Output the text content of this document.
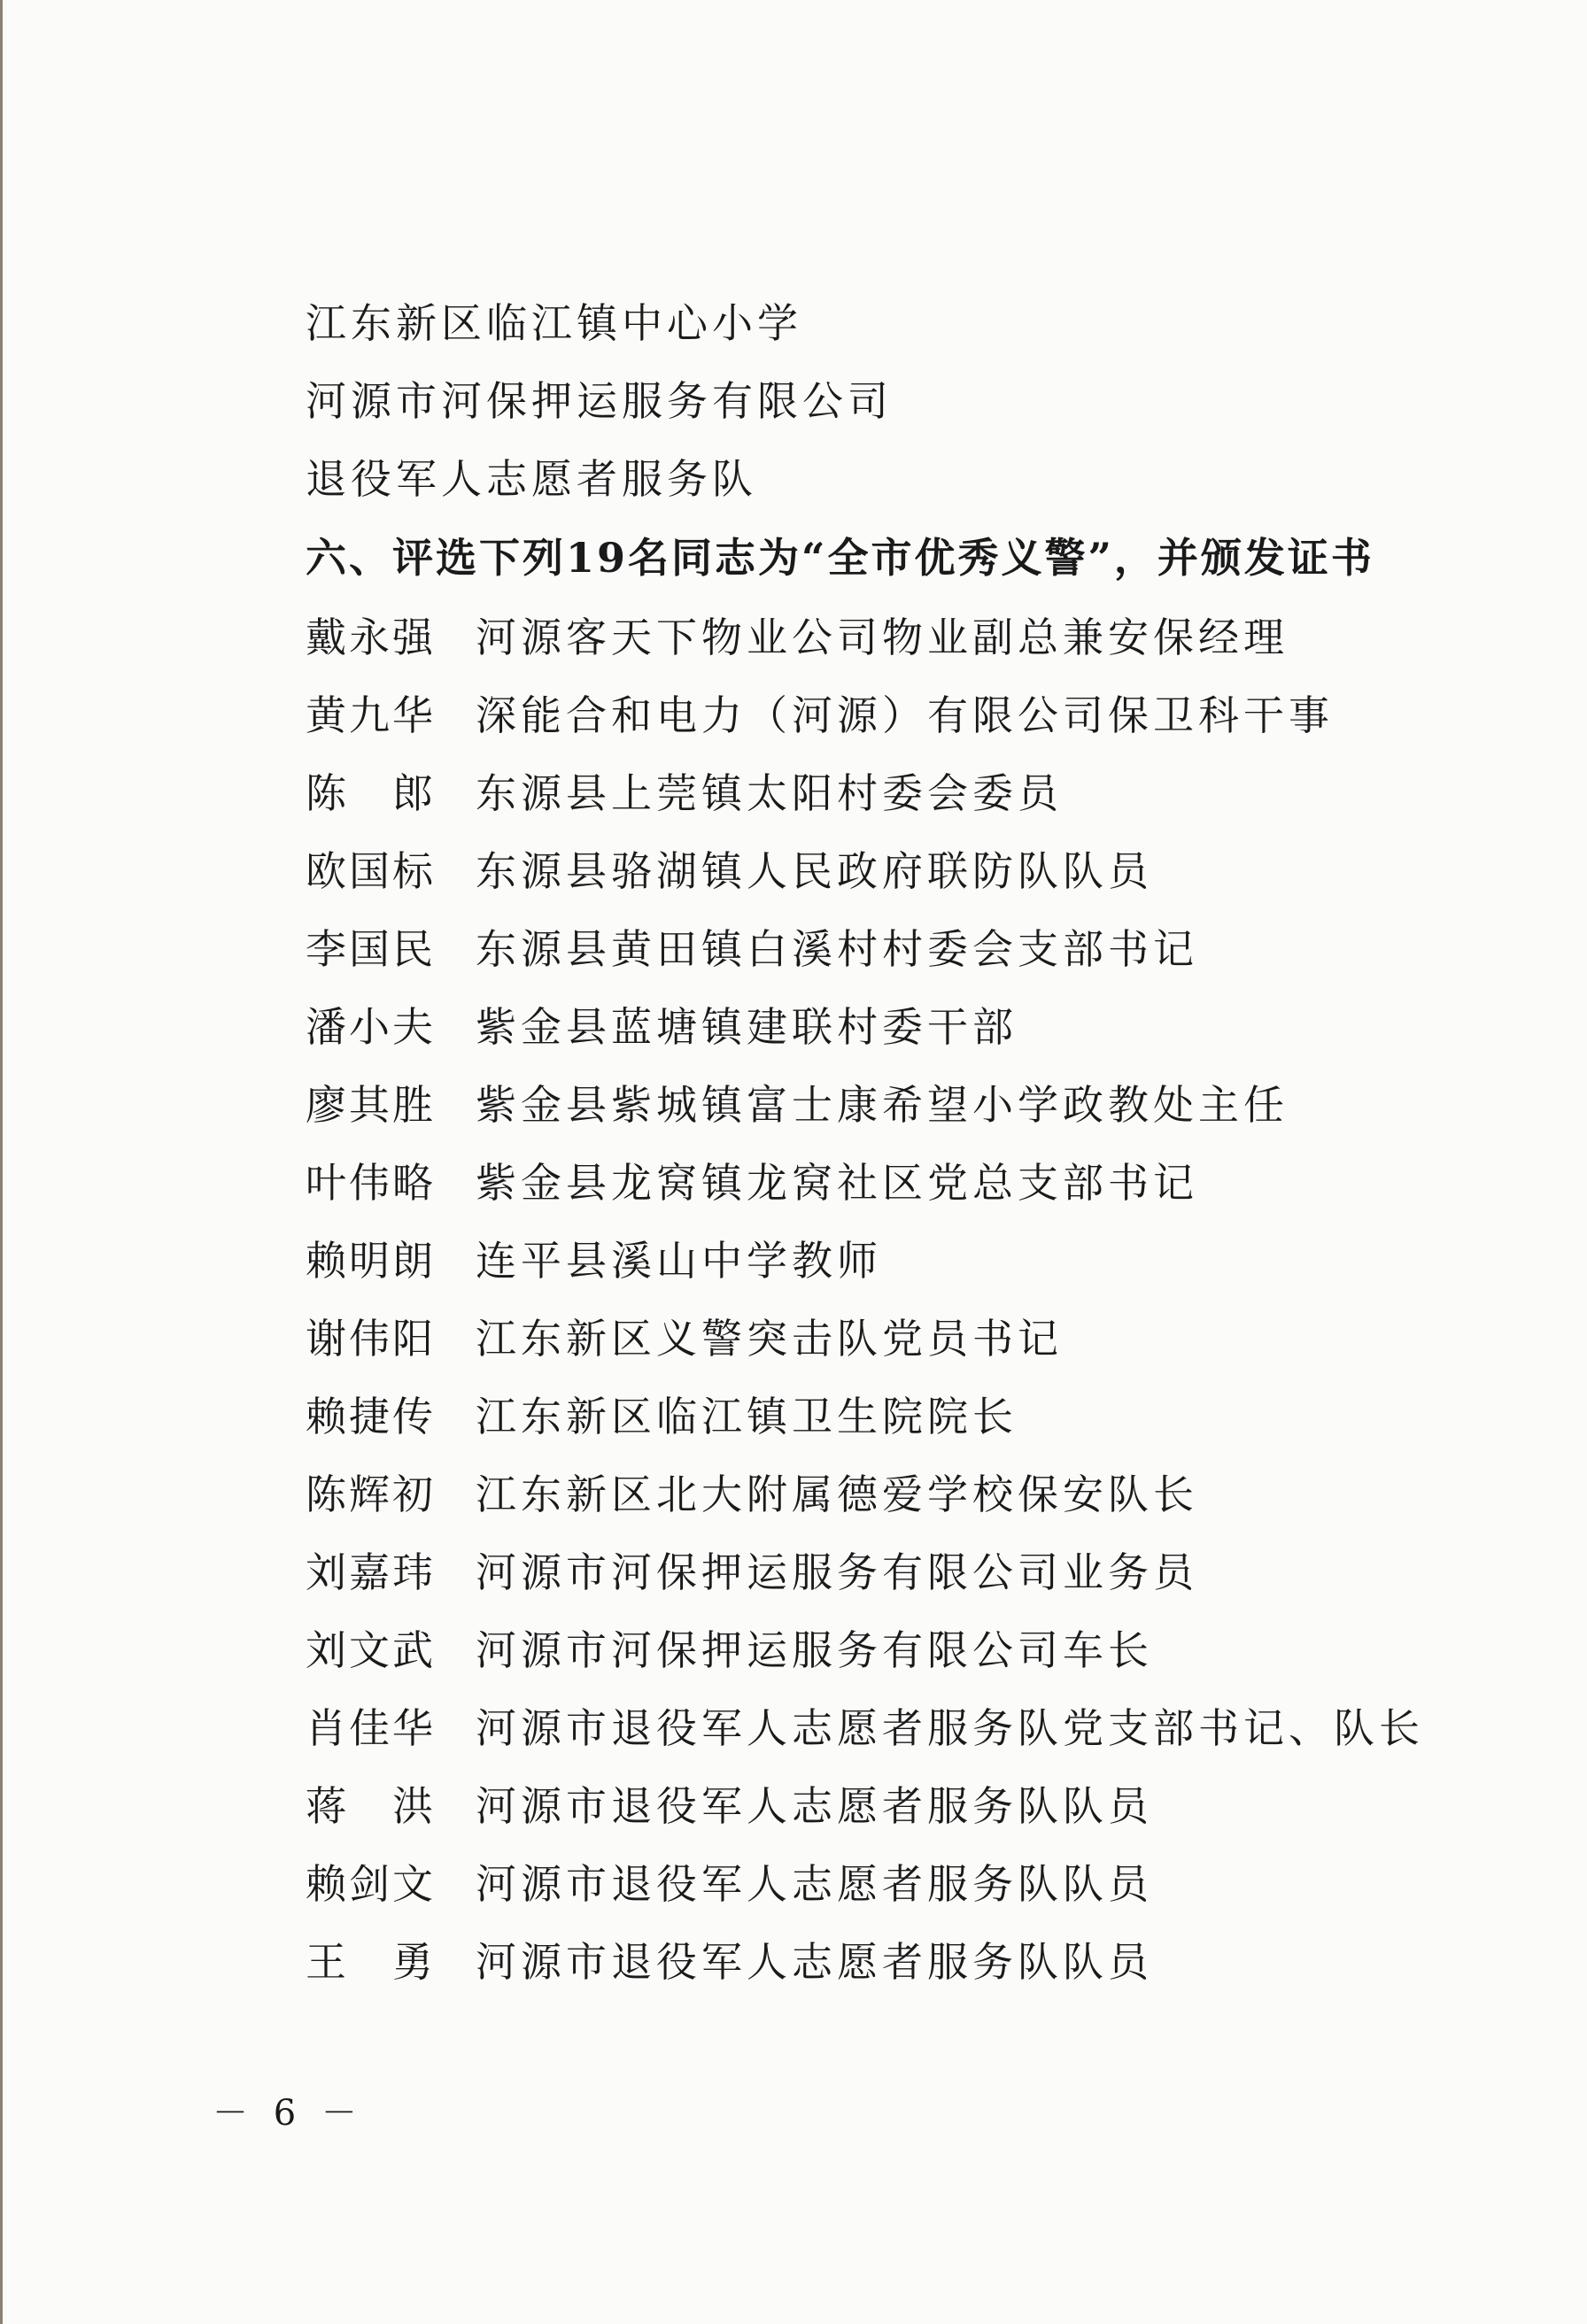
江东新区临江镇中心小学
河源市河保押运服务有限公司
退役军人志愿者服务队
六、评选下列19名同志为“全市优秀义警”，并颁发证书
戴永强 河源客天下物业公司物业副总兼安保经理
黄九华 深能合和电力（河源）有限公司保卫科干事
陈　郎 东源县上莞镇太阳村委会委员
欧国标 东源县骆湖镇人民政府联防队队员
李国民 东源县黄田镇白溪村村委会支部书记
潘小夫 紫金县蓝塘镇建联村委干部
廖其胜 紫金县紫城镇富士康希望小学政教处主任
叶伟略 紫金县龙窝镇龙窝社区党总支部书记
赖明朗 连平县溪山中学教师
谢伟阳 江东新区义警突击队党员书记
赖捷传 江东新区临江镇卫生院院长
陈辉初 江东新区北大附属德爱学校保安队长
刘嘉玮 河源市河保押运服务有限公司业务员
刘文武 河源市河保押运服务有限公司车长
肖佳华 河源市退役军人志愿者服务队党支部书记、队长
蒋　洪 河源市退役军人志愿者服务队队员
赖剑文 河源市退役军人志愿者服务队队员
王　勇 河源市退役军人志愿者服务队队员
－ 6 －
